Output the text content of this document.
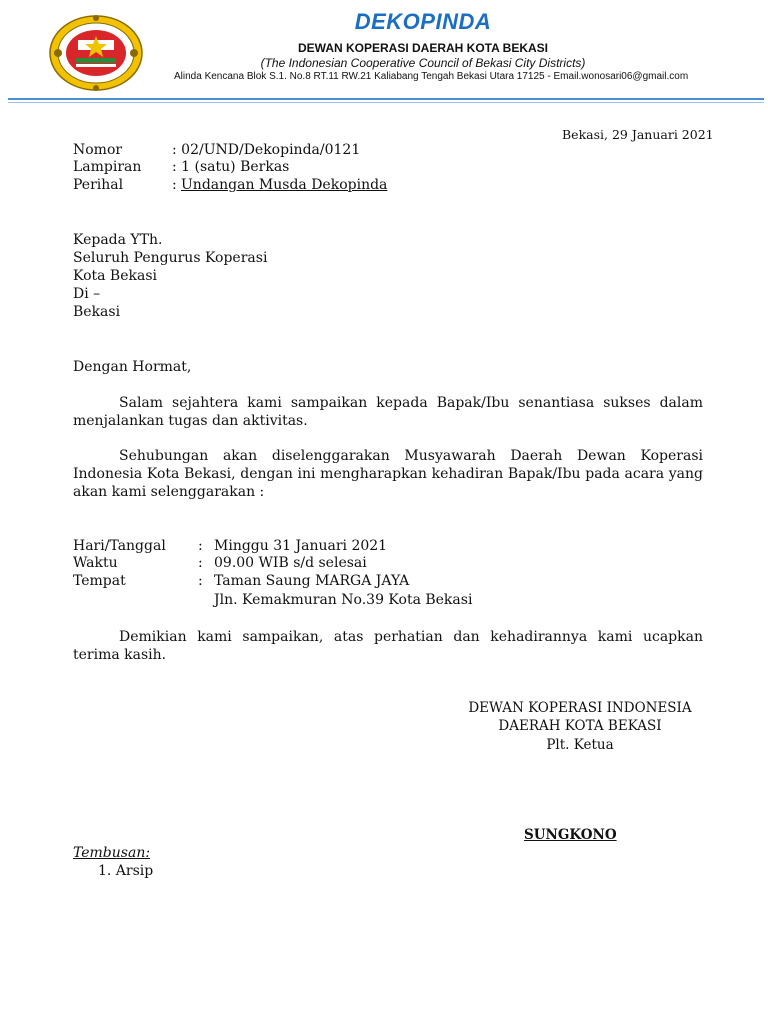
DEKOPINDA
DEWAN KOPERASI DAERAH KOTA BEKASI
(The Indonesian Cooperative Council of Bekasi City Districts)
Alinda Kencana Blok S.1. No.8 RT.11 RW.21 Kaliabang Tengah Bekasi Utara 17125 - Email.wonosari06@gmail.com
Bekasi, 29 Januari 2021
Nomor	: 02/UND/Dekopinda/0121
Lampiran : 1 (satu) Berkas
Perihal	: Undangan Musda Dekopinda
Kepada YTh.
Seluruh Pengurus Koperasi
Kota Bekasi
Di –
Bekasi
Dengan Hormat,
Salam sejahtera kami sampaikan kepada Bapak/Ibu senantiasa sukses dalam menjalankan tugas dan aktivitas.
Sehubungan akan diselenggarakan Musyawarah Daerah Dewan Koperasi Indonesia Kota Bekasi, dengan ini mengharapkan kehadiran Bapak/Ibu pada acara yang akan kami selenggarakan :
Hari/Tanggal : Minggu 31 Januari 2021
Waktu	: 09.00 WIB s/d selesai
Tempat	: Taman Saung MARGA JAYA
Jln. Kemakmuran No.39 Kota Bekasi
Demikian kami sampaikan, atas perhatian dan kehadirannya kami ucapkan terima kasih.
DEWAN KOPERASI INDONESIA
DAERAH KOTA BEKASI
Plt. Ketua
SUNGKONO
Tembusan:
1. Arsip
